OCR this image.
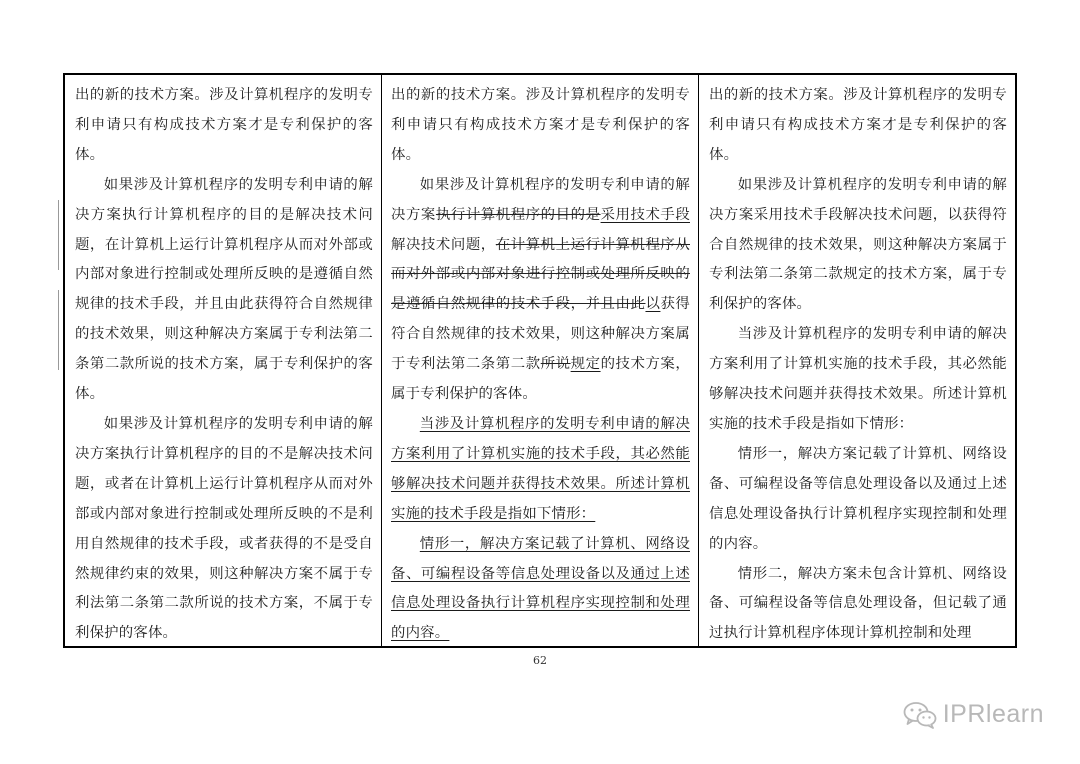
出的新的技术方案。涉及计算机程序的发明专利申请只有构成技术方案才是专利保护的客体。

如果涉及计算机程序的发明专利申请的解决方案执行计算机程序的目的是解决技术问题，在计算机上运行计算机程序从而对外部或内部对象进行控制或处理所反映的是遵循自然规律的技术手段，并且由此获得符合自然规律的技术效果，则这种解决方案属于专利法第二条第二款所说的技术方案，属于专利保护的客体。

如果涉及计算机程序的发明专利申请的解决方案执行计算机程序的目的不是解决技术问题，或者在计算机上运行计算机程序从而对外部或内部对象进行控制或处理所反映的不是利用自然规律的技术手段，或者获得的不是受自然规律约束的效果，则这种解决方案不属于专利法第二条第二款所说的技术方案，不属于专利保护的客体。

出的新的技术方案。涉及计算机程序的发明专利申请只有构成技术方案才是专利保护的客体。

如果涉及计算机程序的发明专利申请的解决方案执行计算机程序的目的是采用技术手段解决技术问题，在计算机上运行计算机程序从而对外部或内部对象进行控制或处理所反映的是遵循自然规律的技术手段，并且由此以获得符合自然规律的技术效果，则这种解决方案属于专利法第二条第二款所说规定的技术方案，属于专利保护的客体。

当涉及计算机程序的发明专利申请的解决方案利用了计算机实施的技术手段，其必然能够解决技术问题并获得技术效果。所述计算机实施的技术手段是指如下情形：

情形一，解决方案记载了计算机、网络设备、可编程设备等信息处理设备以及通过上述信息处理设备执行计算机程序实现控制和处理的内容。

出的新的技术方案。涉及计算机程序的发明专利申请只有构成技术方案才是专利保护的客体。

如果涉及计算机程序的发明专利申请的解决方案采用技术手段解决技术问题，以获得符合自然规律的技术效果，则这种解决方案属于专利法第二条第二款规定的技术方案，属于专利保护的客体。

当涉及计算机程序的发明专利申请的解决方案利用了计算机实施的技术手段，其必然能够解决技术问题并获得技术效果。所述计算机实施的技术手段是指如下情形：

情形一，解决方案记载了计算机、网络设备、可编程设备等信息处理设备以及通过上述信息处理设备执行计算机程序实现控制和处理的内容。

情形二，解决方案未包含计算机、网络设备、可编程设备等信息处理设备，但记载了通过执行计算机程序体现计算机控制和处理

62
IPRlearn
